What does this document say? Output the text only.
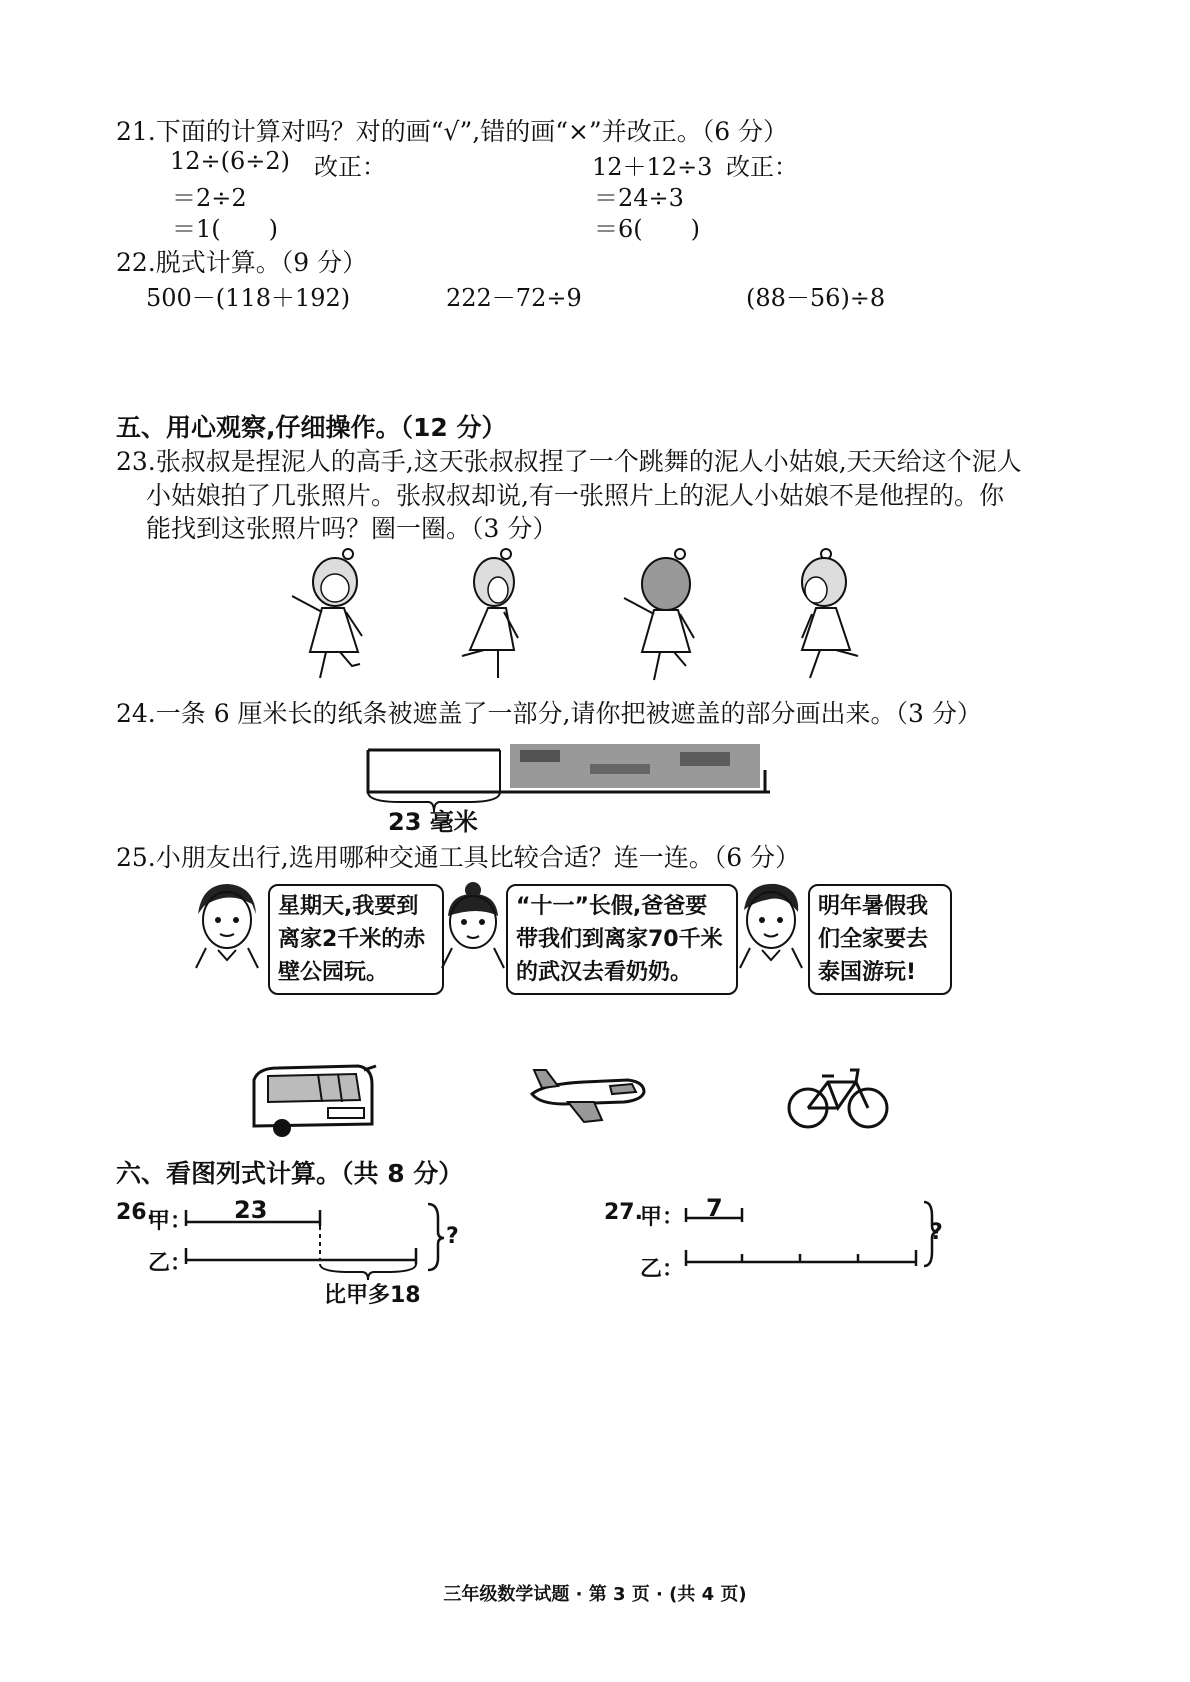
21.下面的计算对吗？对的画“√”,错的画“×”并改正。（6 分）
12÷(6÷2) 改正：
＝2÷2
＝1(　　)
12＋12÷3 改正：
＝24÷3
＝6(　　)
22.脱式计算。（9 分）
500－(118＋192)	222－72÷9	(88－56)÷8
五、用心观察,仔细操作。（12 分）
23.张叔叔是捏泥人的高手,这天张叔叔捏了一个跳舞的泥人小姑娘,天天给这个泥人
小姑娘拍了几张照片。张叔叔却说,有一张照片上的泥人小姑娘不是他捏的。你
能找到这张照片吗？圈一圈。（3 分）
24.一条 6 厘米长的纸条被遮盖了一部分,请你把被遮盖的部分画出来。（3 分）
23 毫米
25.小朋友出行,选用哪种交通工具比较合适？连一连。（6 分）
星期天,我要到离家2千米的赤壁公园玩。
“十一”长假,爸爸要带我们到离家70千米的武汉去看奶奶。
明年暑假我们全家要去泰国游玩!
六、看图列式计算。（共 8 分）
26.
甲：
乙：
23
?
比甲多18
27.
甲：
乙：
7
?
三年级数学试题 · 第 3 页 · (共 4 页)
